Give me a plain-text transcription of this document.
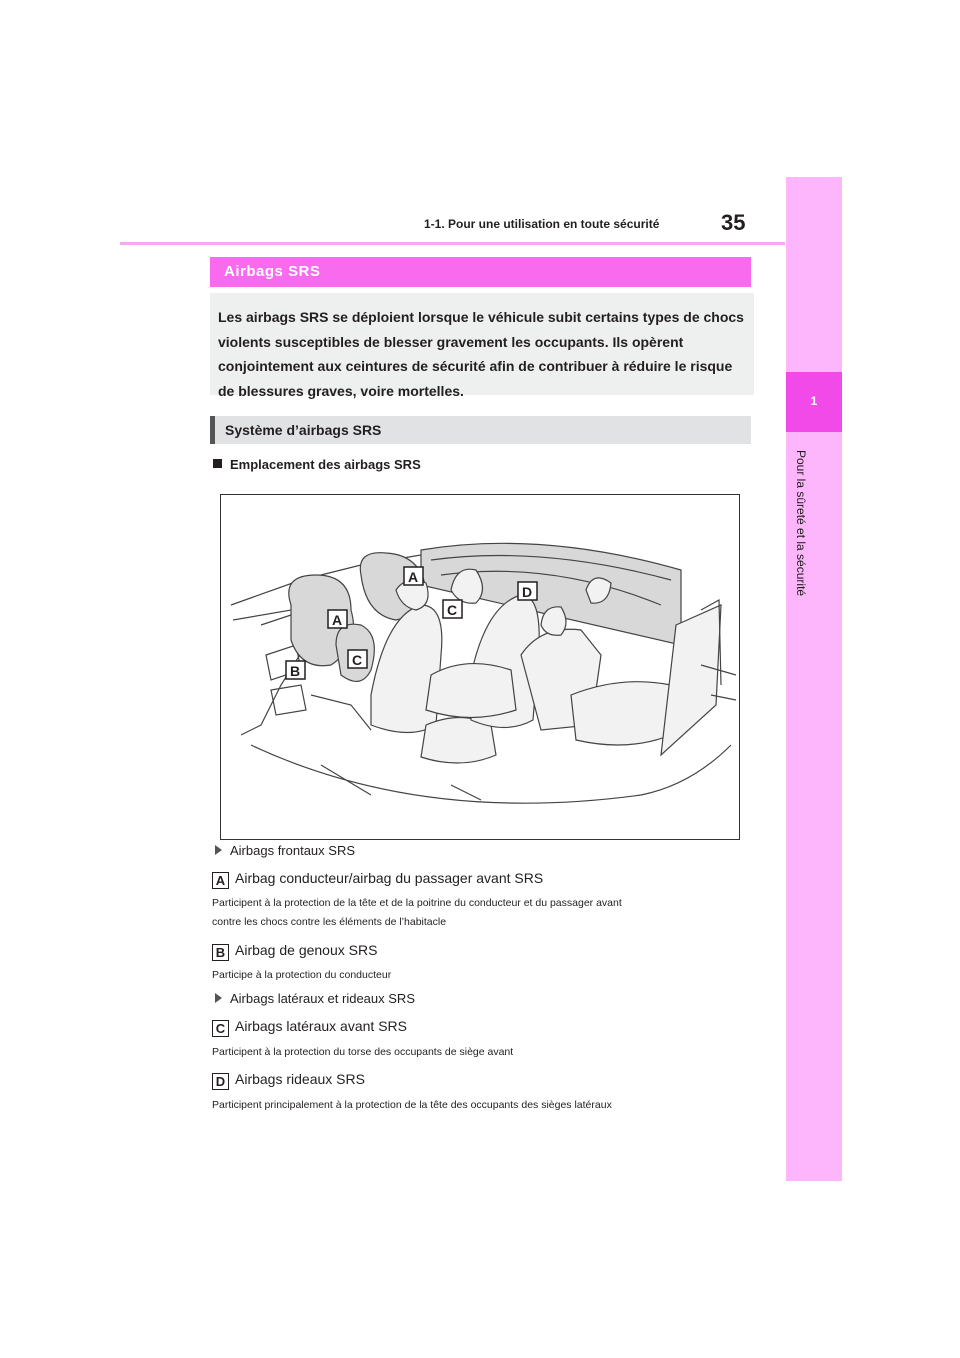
1-1. Pour une utilisation en toute sécurité	35
1
Pour la sûreté et la sécurité
Airbags SRS

Les airbags SRS se déploient lorsque le véhicule subit certains types de chocs violents susceptibles de blesser gravement les occupants. Ils opèrent conjointement aux ceintures de sécurité afin de contribuer à réduire le risque de blessures graves, voire mortelles.

Système d’airbags SRS
Emplacement des airbags SRS
A
A
B
C
C
D
Airbags frontaux SRS
A Airbag conducteur/airbag du passager avant SRS
Participent à la protection de la tête et de la poitrine du conducteur et du passager avant
contre les chocs contre les éléments de l’habitacle
B Airbag de genoux SRS
Participe à la protection du conducteur
Airbags latéraux et rideaux SRS
C Airbags latéraux avant SRS
Participent à la protection du torse des occupants de siège avant
D Airbags rideaux SRS
Participent principalement à la protection de la tête des occupants des sièges latéraux
